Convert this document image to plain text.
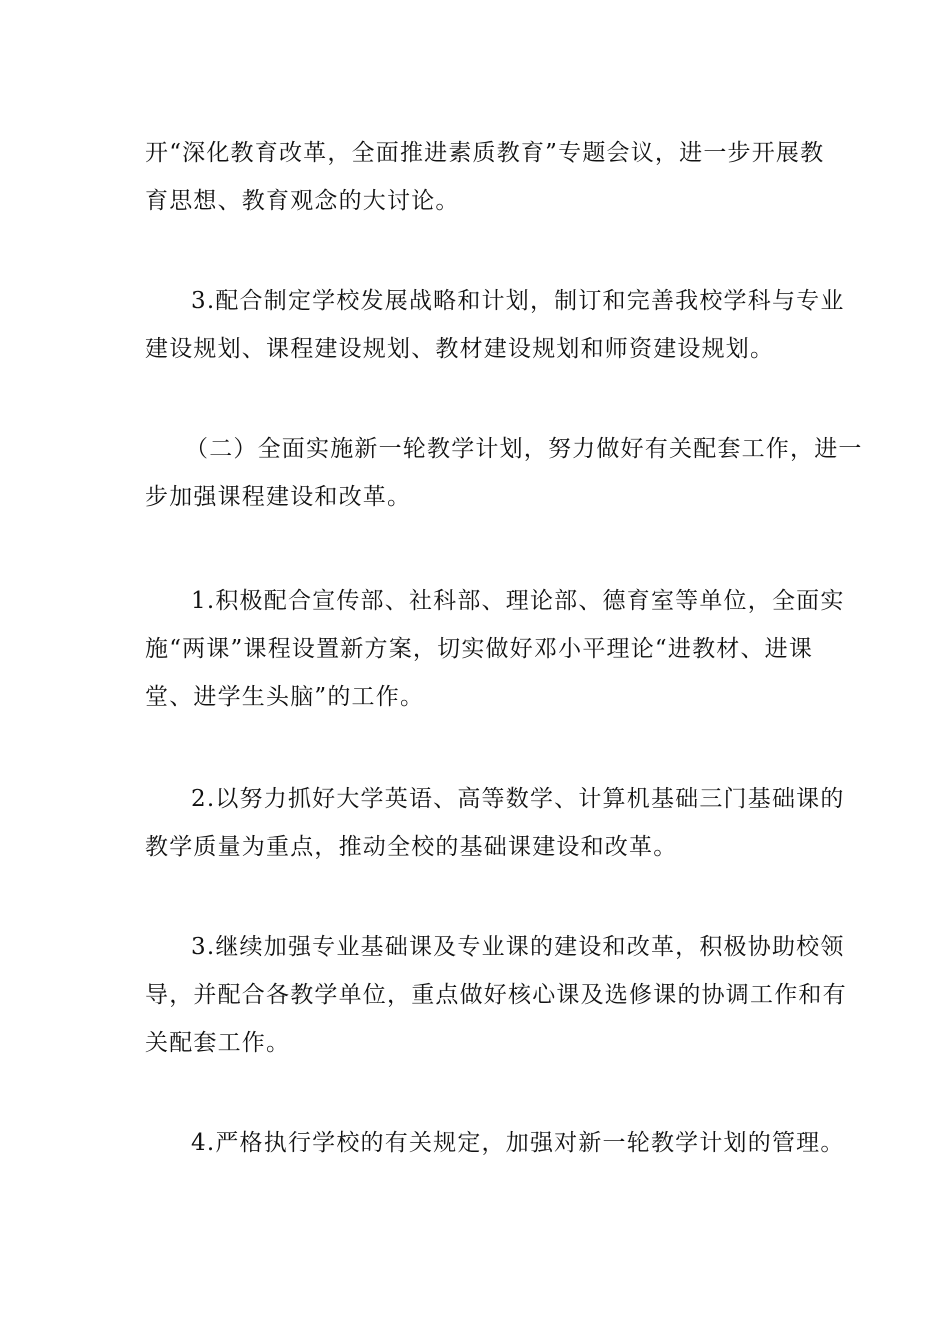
开“深化教育改革，全面推进素质教育”专题会议，进一步开展教
育思想、教育观念的大讨论。
3.配合制定学校发展战略和计划，制订和完善我校学科与专业
建设规划、课程建设规划、教材建设规划和师资建设规划。
（二）全面实施新一轮教学计划，努力做好有关配套工作，进一
步加强课程建设和改革。
1.积极配合宣传部、社科部、理论部、德育室等单位，全面实
施“两课”课程设置新方案，切实做好邓小平理论“进教材、进课
堂、进学生头脑”的工作。
2.以努力抓好大学英语、高等数学、计算机基础三门基础课的
教学质量为重点，推动全校的基础课建设和改革。
3.继续加强专业基础课及专业课的建设和改革，积极协助校领
导，并配合各教学单位，重点做好核心课及选修课的协调工作和有
关配套工作。
4.严格执行学校的有关规定，加强对新一轮教学计划的管理。
